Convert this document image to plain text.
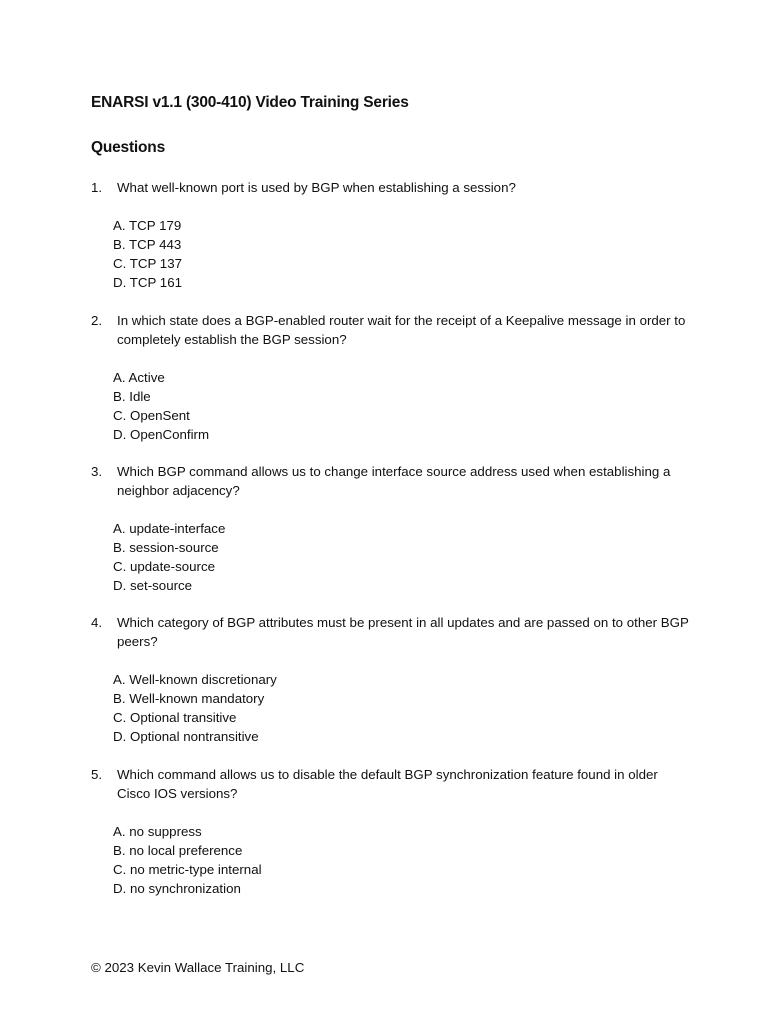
ENARSI v1.1 (300-410) Video Training Series
Questions
1.	What well-known port is used by BGP when establishing a session?
A. TCP 179
B. TCP 443
C. TCP 137
D. TCP 161
2.	In which state does a BGP-enabled router wait for the receipt of a Keepalive message in order to completely establish the BGP session?
A. Active
B. Idle
C. OpenSent
D. OpenConfirm
3.	Which BGP command allows us to change interface source address used when establishing a neighbor adjacency?
A. update-interface
B. session-source
C. update-source
D. set-source
4.	Which category of BGP attributes must be present in all updates and are passed on to other BGP peers?
A. Well-known discretionary
B. Well-known mandatory
C. Optional transitive
D. Optional nontransitive
5.	Which command allows us to disable the default BGP synchronization feature found in older Cisco IOS versions?
A. no suppress
B. no local preference
C. no metric-type internal
D. no synchronization
© 2023 Kevin Wallace Training, LLC
